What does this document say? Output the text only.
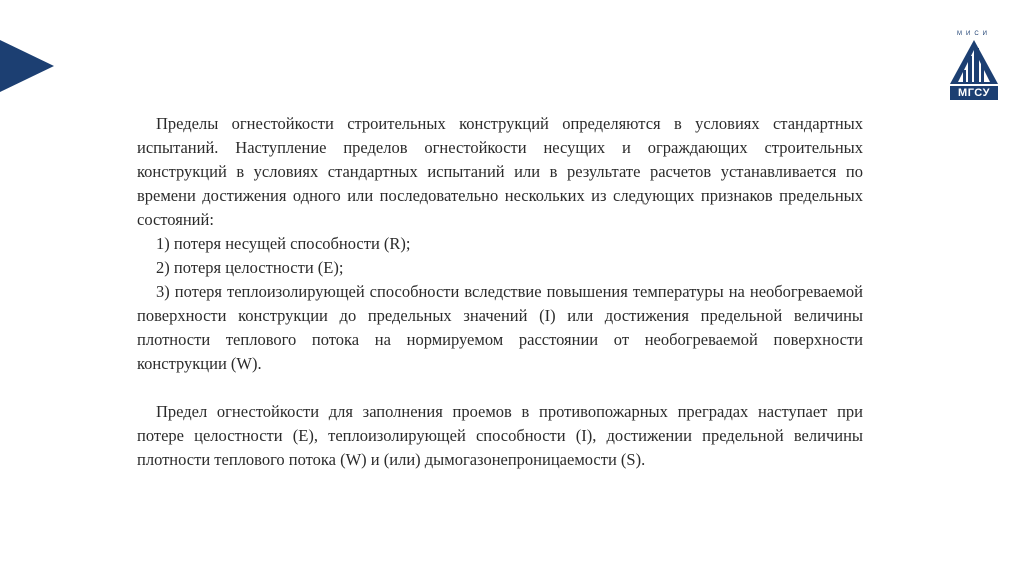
МИСИ
МГСУ

Пределы огнестойкости строительных конструкций определяются в условиях стандартных испытаний. Наступление пределов огнестойкости несущих и ограждающих строительных конструкций в условиях стандартных испытаний или в результате расчетов устанавливается по времени достижения одного или последовательно нескольких из следующих признаков предельных состояний:

1) потеря несущей способности (R);

2) потеря целостности (E);

3) потеря теплоизолирующей способности вследствие повышения температуры на необогреваемой поверхности конструкции до предельных значений (I) или достижения предельной величины плотности теплового потока на нормируемом расстоянии от необогреваемой поверхности конструкции (W).

Предел огнестойкости для заполнения проемов в противопожарных преградах наступает при потере целостности (E), теплоизолирующей способности (I), достижении предельной величины плотности теплового потока (W) и (или) дымогазонепроницаемости (S).
